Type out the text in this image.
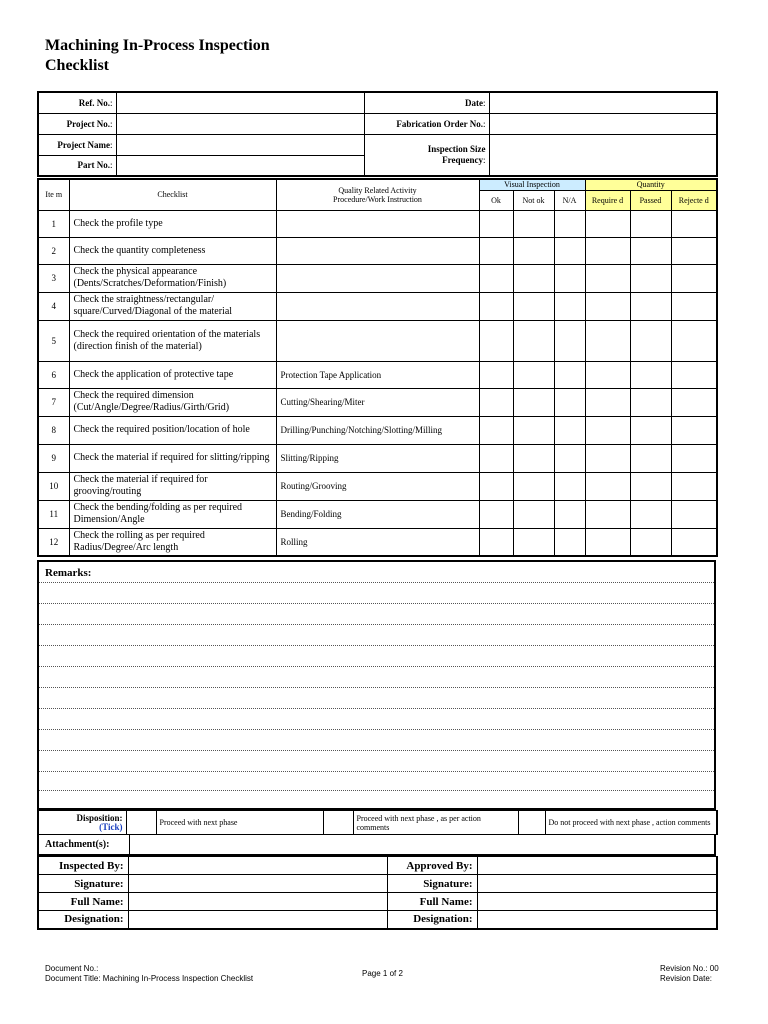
Machining In-Process Inspection
Checklist
Ref. No.:		Date:	
Project No.:		Fabrication Order No.:	
Project Name:		Inspection Size
Frequency:	

Part No.:			
Ite m	Checklist	Quality Related Activity
Procedure/Work Instruction	Visual Inspection			Quantity		
			Ok	Not ok	N/A	Require d	Passed	Rejecte d
1	Check the profile type							
2	Check the quantity completeness							
3	Check the physical appearance (Dents/Scratches/Deformation/Finish)							
4	Check the straightness/rectangular/ square/Curved/Diagonal of the material							
5	Check the required orientation of the materials (direction finish of the material)							
6	Check the application of protective tape	Protection Tape Application						
7	Check the required dimension (Cut/Angle/Degree/Radius/Girth/Grid)	Cutting/Shearing/Miter						
8	Check the required position/location of hole	Drilling/Punching/Notching/Slotting/Milling						
9	Check the material if required for slitting/ripping	Slitting/Ripping						
10	Check the material if required for grooving/routing	Routing/Grooving						
11	Check the bending/folding as per required Dimension/Angle	Bending/Folding						
12	Check the rolling as per required Radius/Degree/Arc length	Rolling						
Remarks:
Disposition:
(Tick)		Proceed with next phase		Proceed with next phase , as per action comments		Do not proceed with next phase , action comments
Attachment(s):
Inspected By:		Approved By:	
Signature:		Signature:	
Full Name:		Full Name:	
Designation:		Designation:	
Document No.:
Document Title: Machining In-Process Inspection Checklist
Page 1 of 2
Revision No.: 00
Revision Date:
